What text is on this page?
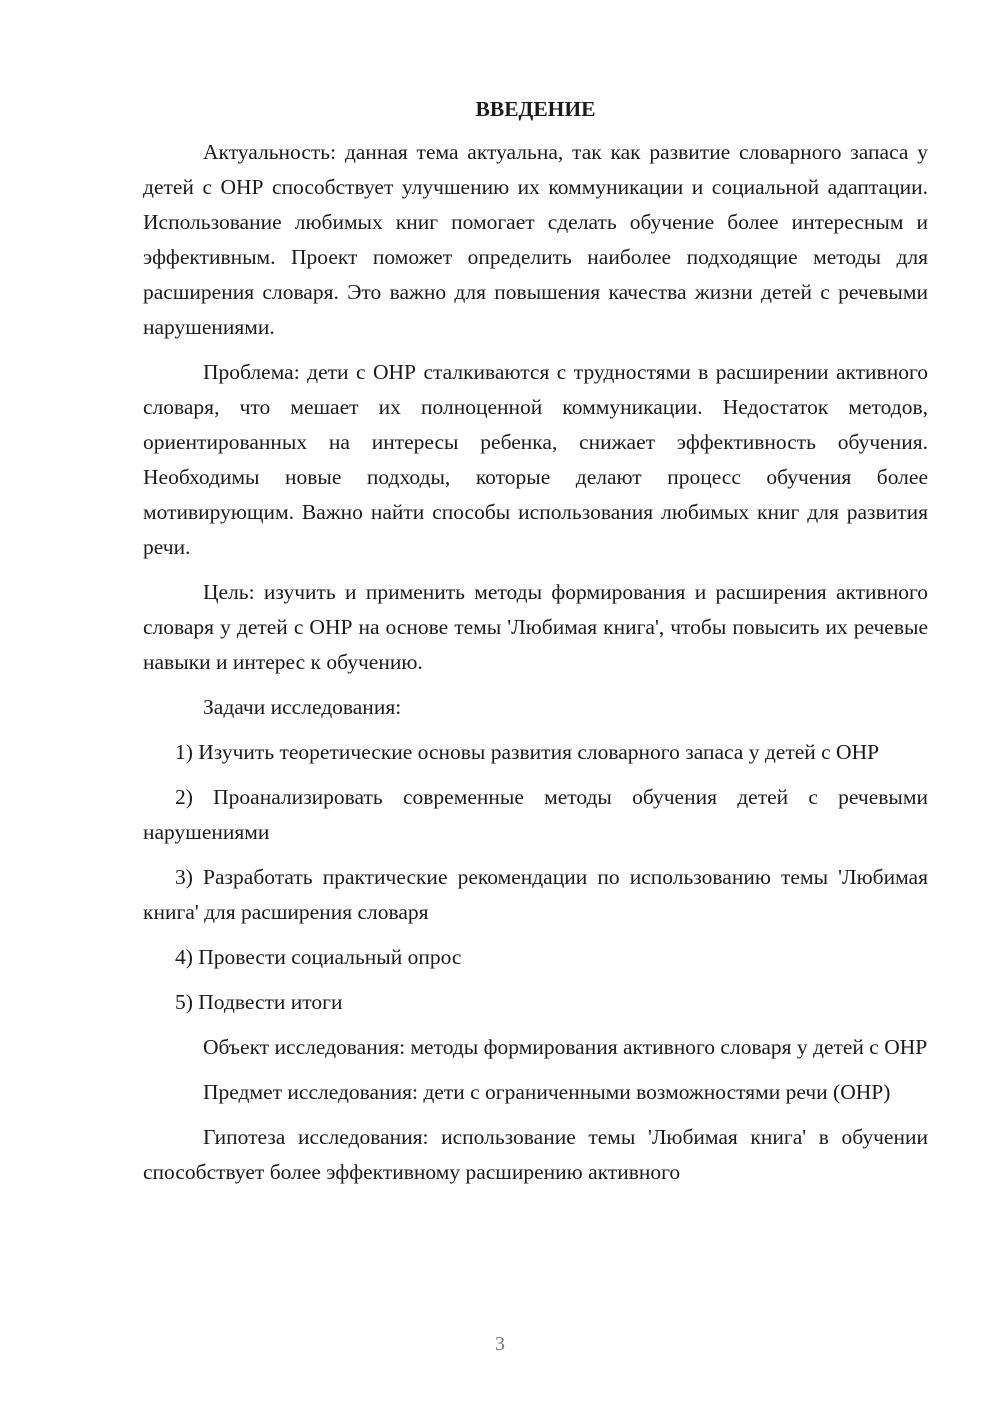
ВВЕДЕНИЕ

Актуальность: данная тема актуальна, так как развитие словарного запаса у детей с ОНР способствует улучшению их коммуникации и социальной адаптации. Использование любимых книг помогает сделать обучение более интересным и эффективным. Проект поможет определить наиболее подходящие методы для расширения словаря. Это важно для повышения качества жизни детей с речевыми нарушениями.

Проблема: дети с ОНР сталкиваются с трудностями в расширении активного словаря, что мешает их полноценной коммуникации. Недостаток методов, ориентированных на интересы ребенка, снижает эффективность обучения. Необходимы новые подходы, которые делают процесс обучения более мотивирующим. Важно найти способы использования любимых книг для развития речи.

Цель: изучить и применить методы формирования и расширения активного словаря у детей с ОНР на основе темы 'Любимая книга', чтобы повысить их речевые навыки и интерес к обучению.

Задачи исследования:

1) Изучить теоретические основы развития словарного запаса у детей с ОНР

2) Проанализировать современные методы обучения детей с речевыми нарушениями

3) Разработать практические рекомендации по использованию темы 'Любимая книга' для расширения словаря

4) Провести социальный опрос

5) Подвести итоги

Объект исследования: методы формирования активного словаря у детей с ОНР

Предмет исследования: дети с ограниченными возможностями речи (ОНР)

Гипотеза исследования: использование темы 'Любимая книга' в обучении способствует более эффективному расширению активного

3
